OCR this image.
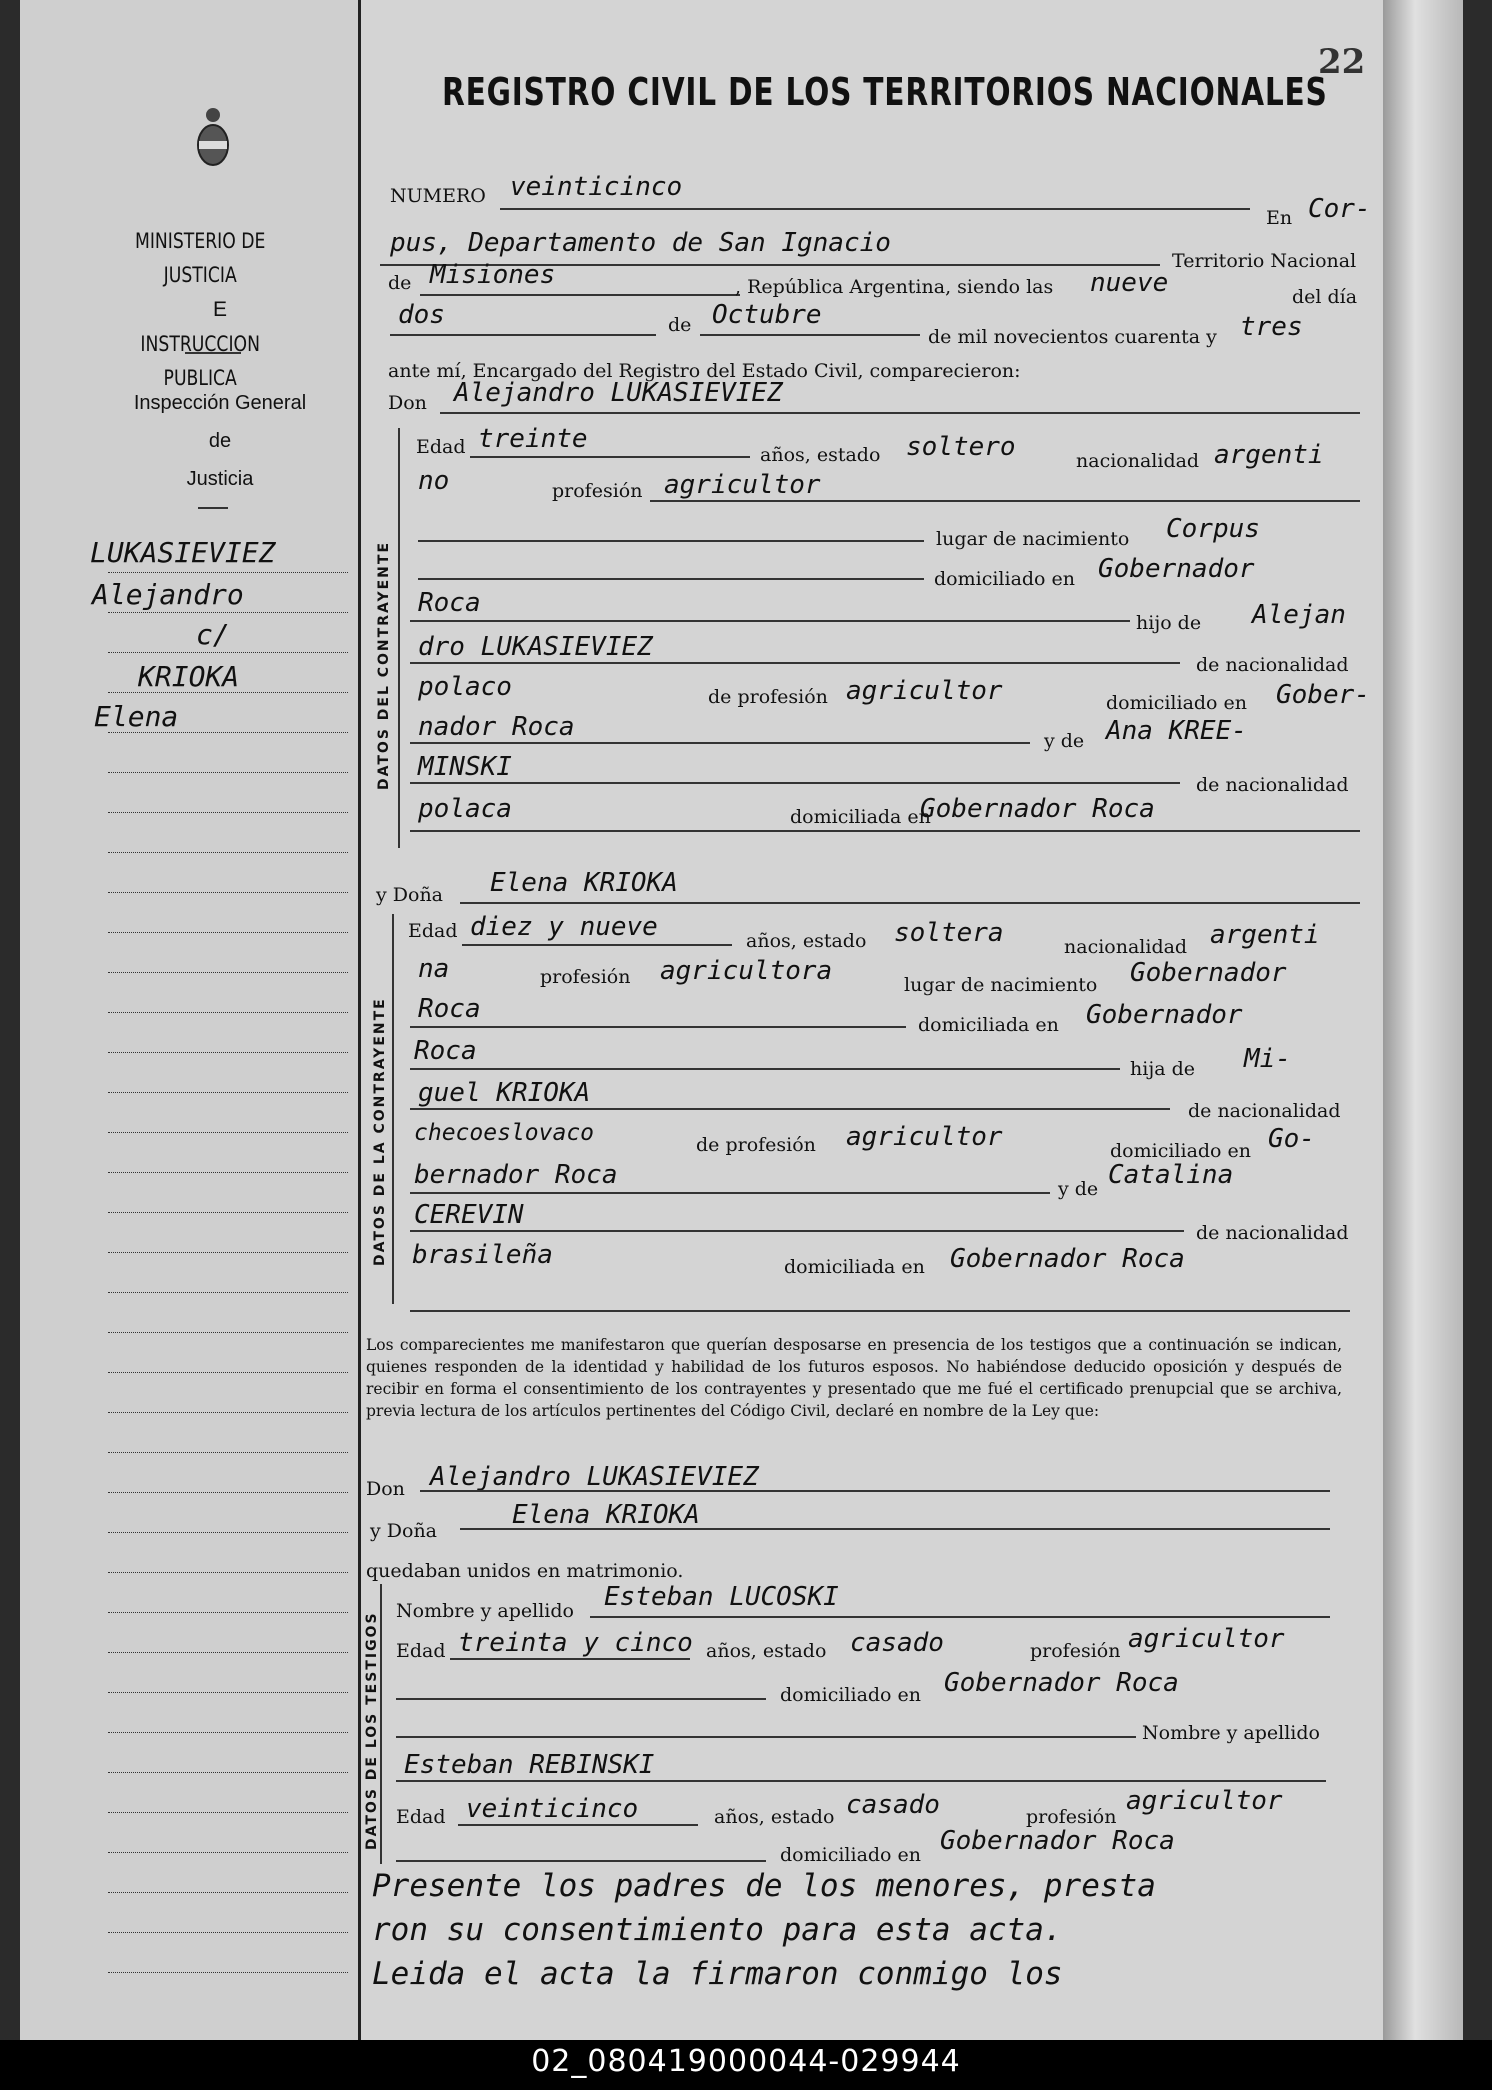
MINISTERIO DE JUSTICIA
E
INSTRUCCION PUBLICA
Inspección General
de
Justicia
LUKASIEVIEZ
Alejandro
c/
KRIOKA
Elena
22
REGISTRO CIVIL DE LOS TERRITORIOS NACIONALES
NUMERO veinticinco
En Cor-
pus, Departamento de San Ignacio
Territorio Nacional
de Misiones	, República Argentina, siendo las nueve	del día
dos	de Octubre
de mil novecientos cuarenta y tres
ante mí, Encargado del Registro del Estado Civil, comparecieron:
Don Alejandro LUKASIEVIEZ
DATOS DEL CONTRAYENTE
Edad treinte
años, estado soltero	nacionalidad argenti
no	profesión agricultor
lugar de nacimiento Corpus
domiciliado en Gobernador
Roca
hijo de Alejan
dro LUKASIEVIEZ
de nacionalidad
polaco	de profesión agricultor	domiciliado en Gober-
nador Roca	y de Ana KREE-
MINSKI
de nacionalidad
polaca	domiciliada en
Gobernador Roca
y Doña Elena KRIOKA
DATOS DE LA CONTRAYENTE
Edad diez y nueve	años, estado soltera	nacionalidad argenti
na	profesión agricultora	lugar de nacimiento Gobernador
Roca
domiciliada en Gobernador
Roca
hija de Mi-
guel KRIOKA
de nacionalidad
checoeslovaco	de profesión agricultor	domiciliado en Go-
bernador Roca	y de Catalina
CEREVIN
de nacionalidad
brasileña	domiciliada en Gobernador Roca
Los comparecientes me manifestaron que querían desposarse en presencia de los testigos que a continuación se indican, quienes responden de la identidad y habilidad de los futuros esposos. No habiéndose deducido oposición y después de recibir en forma el consentimiento de los contrayentes y presentado que me fué el certificado prenupcial que se archiva, previa lectura de los artículos pertinentes del Código Civil, declaré en nombre de la Ley que:
Don Alejandro LUKASIEVIEZ
y Doña
Elena KRIOKA
quedaban unidos en matrimonio.
DATOS DE LOS TESTIGOS
Nombre y apellido Esteban LUCOSKI
Edad treinta y cinco años, estado casado	profesión agricultor
domiciliado en Gobernador Roca
Nombre y apellido
Esteban REBINSKI
Edad veinticinco	años, estado casado	profesión
agricultor
domiciliado en Gobernador Roca
Presente los padres de los menores, presta
ron su consentimiento para esta acta.
Leida el acta la firmaron conmigo los
02_080419000044-029944
